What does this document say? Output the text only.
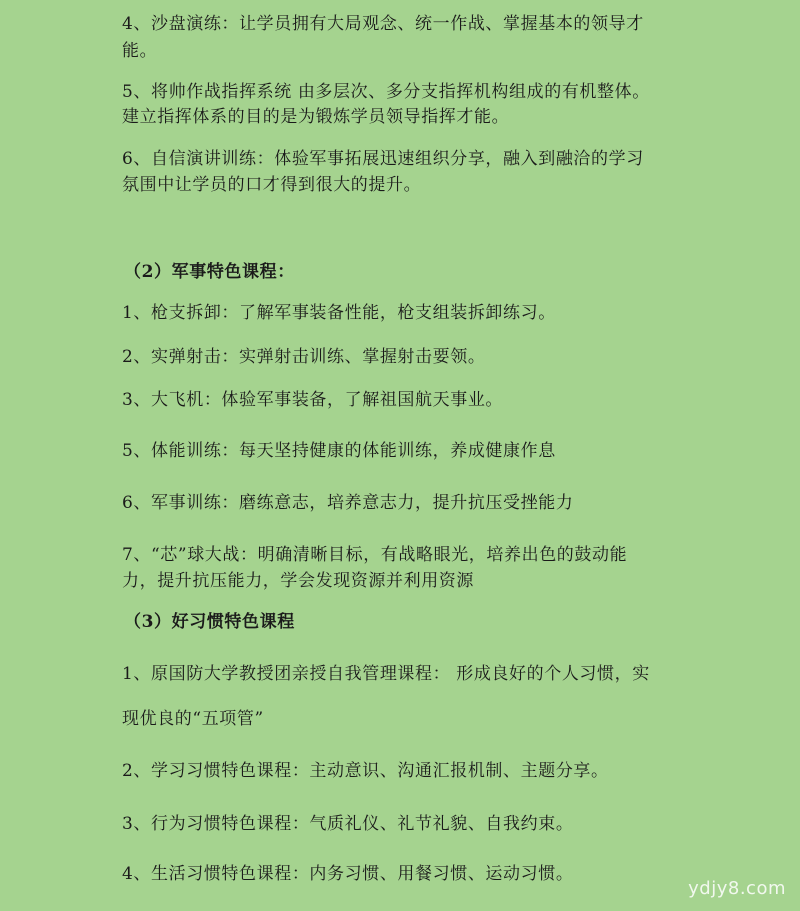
4、沙盘演练：让学员拥有大局观念、统一作战、掌握基本的领导才
能。
5、将帅作战指挥系统 由多层次、多分支指挥机构组成的有机整体。
建立指挥体系的目的是为锻炼学员领导指挥才能。
6、自信演讲训练：体验军事拓展迅速组织分享，融入到融洽的学习
氛围中让学员的口才得到很大的提升。
（2）军事特色课程：
1、枪支拆卸：了解军事装备性能，枪支组装拆卸练习。
2、实弹射击：实弹射击训练、掌握射击要领。
3、大飞机：体验军事装备，了解祖国航天事业。
5、体能训练：每天坚持健康的体能训练，养成健康作息
6、军事训练：磨练意志，培养意志力，提升抗压受挫能力
7、“芯”球大战：明确清晰目标，有战略眼光，培养出色的鼓动能
力，提升抗压能力，学会发现资源并利用资源
（3）好习惯特色课程
1、原国防大学教授团亲授自我管理课程： 形成良好的个人习惯，实
现优良的“五项管”
2、学习习惯特色课程：主动意识、沟通汇报机制、主题分享。
3、行为习惯特色课程：气质礼仪、礼节礼貌、自我约束。
4、生活习惯特色课程：内务习惯、用餐习惯、运动习惯。
ydjy8.com
